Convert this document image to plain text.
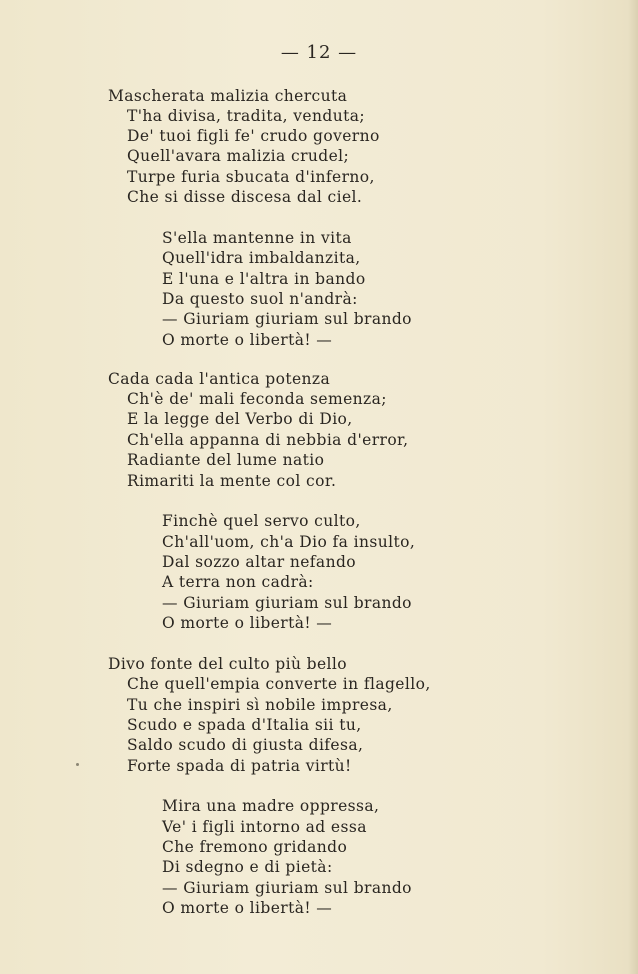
— 12 —
Mascherata malizia chercuta
T'ha divisa, tradita, venduta;
De' tuoi figli fe' crudo governo
Quell'avara malizia crudel;
Turpe furia sbucata d'inferno,
Che si disse discesa dal ciel.
S'ella mantenne in vita
Quell'idra imbaldanzita,
E l'una e l'altra in bando
Da questo suol n'andrà:
— Giuriam giuriam sul brando
O morte o libertà! —
Cada cada l'antica potenza
Ch'è de' mali feconda semenza;
E la legge del Verbo di Dio,
Ch'ella appanna di nebbia d'error,
Radiante del lume natio
Rimariti la mente col cor.
Finchè quel servo culto,
Ch'all'uom, ch'a Dio fa insulto,
Dal sozzo altar nefando
A terra non cadrà:
— Giuriam giuriam sul brando
O morte o libertà! —
Divo fonte del culto più bello
Che quell'empia converte in flagello,
Tu che inspiri sì nobile impresa,
Scudo e spada d'Italia sii tu,
Saldo scudo di giusta difesa,
Forte spada di patria virtù!
Mira una madre oppressa,
Ve' i figli intorno ad essa
Che fremono gridando
Di sdegno e di pietà:
— Giuriam giuriam sul brando
O morte o libertà! —
